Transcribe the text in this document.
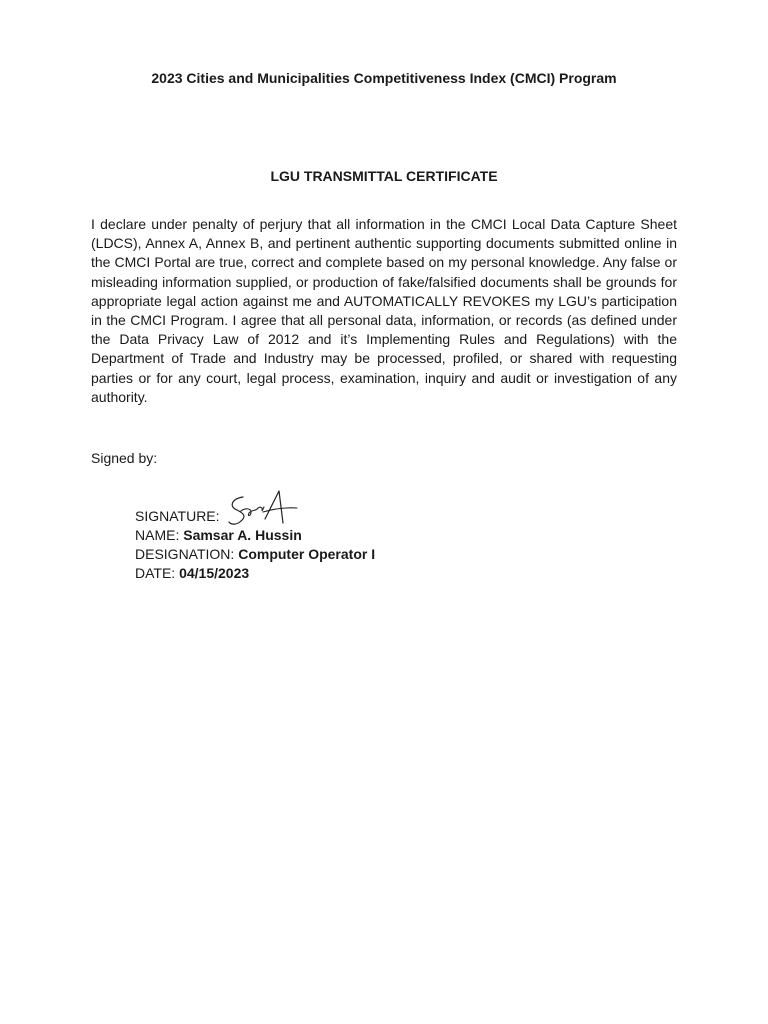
2023 Cities and Municipalities Competitiveness Index (CMCI) Program
LGU TRANSMITTAL CERTIFICATE

I declare under penalty of perjury that all information in the CMCI Local Data Capture Sheet (LDCS), Annex A, Annex B, and pertinent authentic supporting documents submitted online in the CMCI Portal are true, correct and complete based on my personal knowledge. Any false or misleading information supplied, or production of fake/falsified documents shall be grounds for appropriate legal action against me and AUTOMATICALLY REVOKES my LGU’s participation in the CMCI Program. I agree that all personal data, information, or records (as defined under the Data Privacy Law of 2012 and it’s Implementing Rules and Regulations) with the Department of Trade and Industry may be processed, profiled, or shared with requesting parties or for any court, legal process, examination, inquiry and audit or investigation of any authority.

Signed by:
SIGNATURE:
NAME: Samsar A. Hussin
DESIGNATION: Computer Operator I
DATE: 04/15/2023
